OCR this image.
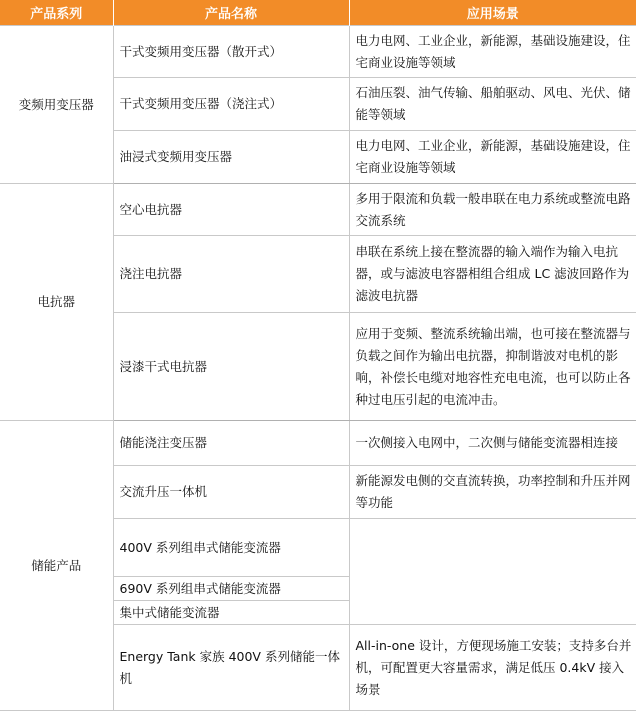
产品系列	产品名称	应用场景
变频用变压器	干式变频用变压器（散开式）	电力电网、工业企业，新能源，基础设施建设，住宅商业设施等领域
	干式变频用变压器（浇注式）	石油压裂、油气传输、船舶驱动、风电、光伏、储能等领域
	油浸式变频用变压器	电力电网、工业企业，新能源，基础设施建设，住宅商业设施等领域
电抗器	空心电抗器	多用于限流和负载一般串联在电力系统或整流电路交流系统
	浇注电抗器	串联在系统上接在整流器的输入端作为输入电抗器，或与滤波电容器相组合组成 LC 滤波回路作为滤波电抗器
	浸漆干式电抗器	应用于变频、整流系统输出端，也可接在整流器与负载之间作为输出电抗器，抑制谐波对电机的影响，补偿长电缆对地容性充电电流，也可以防止各种过电压引起的电流冲击。
储能产品	储能浇注变压器	一次侧接入电网中，二次侧与储能变流器相连接
	交流升压一体机	新能源发电侧的交直流转换，功率控制和升压并网等功能
	400V 系列组串式储能变流器	
	690V 系列组串式储能变流器	
	集中式储能变流器	
	Energy Tank 家族 400V 系列储能一体机	All-in-one 设计，方便现场施工安装；支持多台并机，可配置更大容量需求，满足低压 0.4kV 接入场景
